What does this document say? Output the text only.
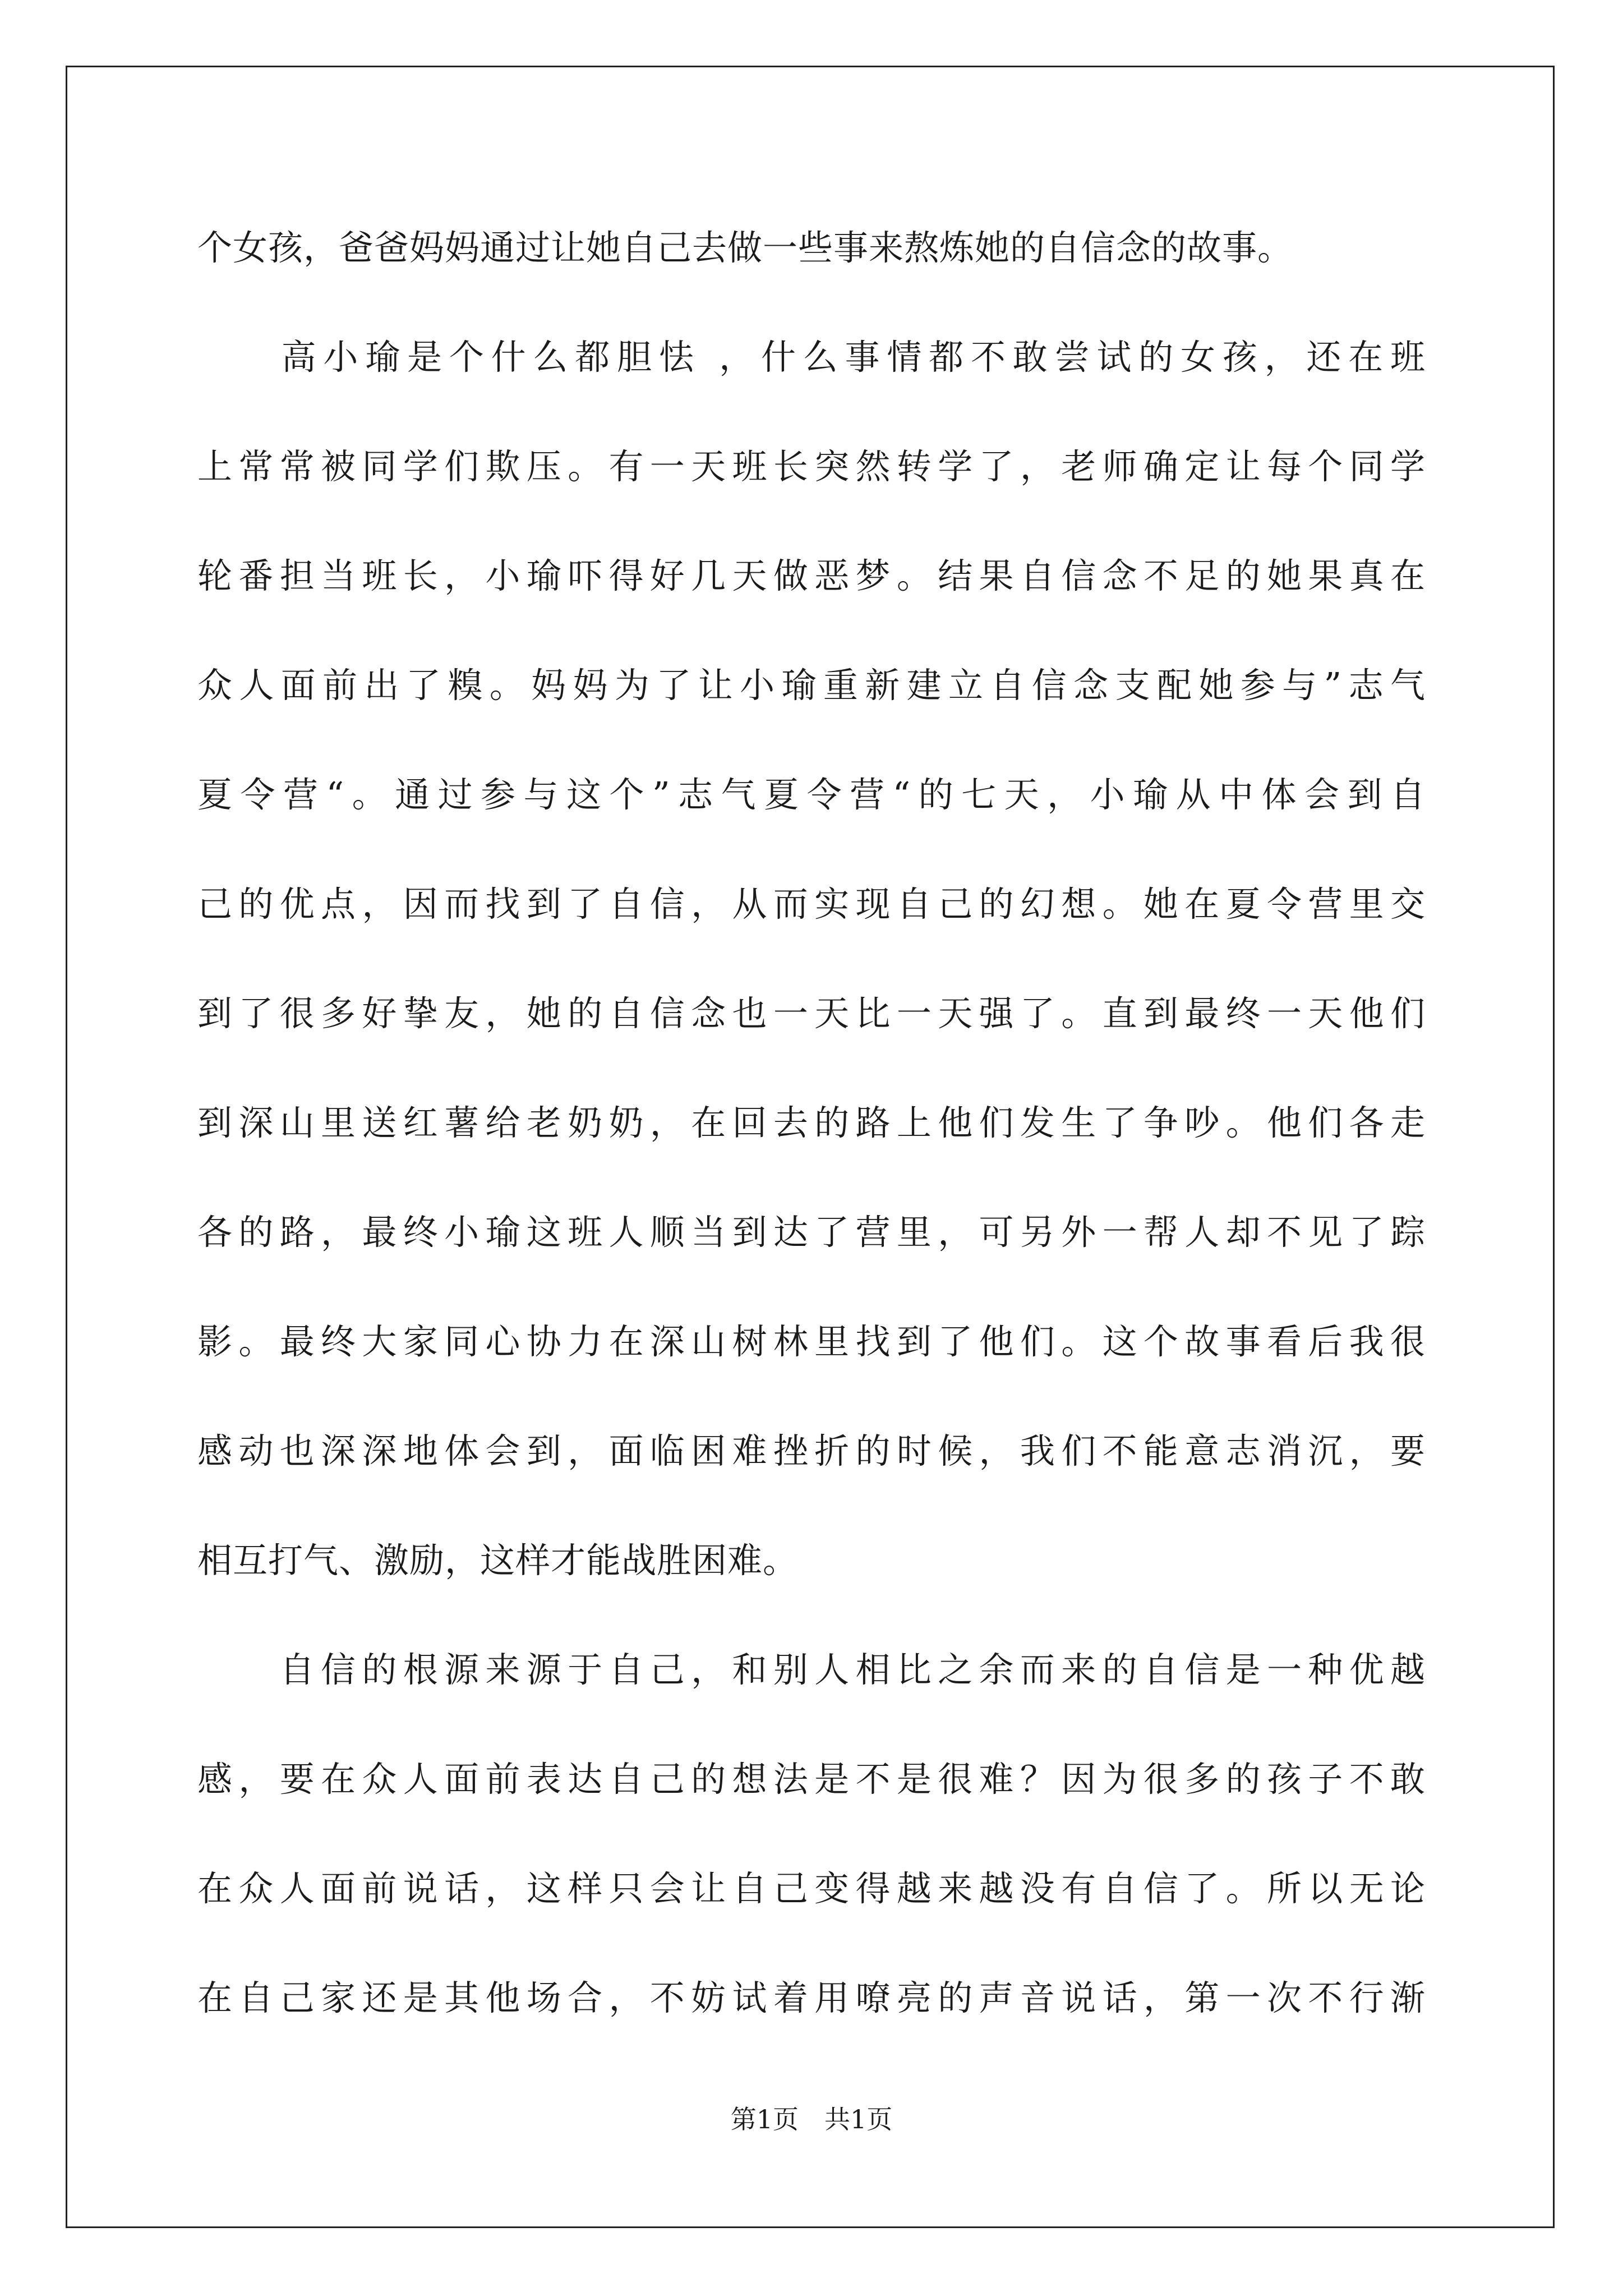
个女孩，爸爸妈妈通过让她自己去做一些事来熬炼她的自信念的故事。
　　高小瑜是个什么都胆怯 ，什么事情都不敢尝试的女孩，还在班
上常常被同学们欺压。有一天班长突然转学了，老师确定让每个同学
轮番担当班长，小瑜吓得好几天做恶梦。结果自信念不足的她果真在
众人面前出了糗。妈妈为了让小瑜重新建立自信念支配她参与”志气
夏令营“。通过参与这个”志气夏令营“的七天，小瑜从中体会到自
己的优点，因而找到了自信，从而实现自己的幻想。她在夏令营里交
到了很多好挚友，她的自信念也一天比一天强了。直到最终一天他们
到深山里送红薯给老奶奶，在回去的路上他们发生了争吵。他们各走
各的路，最终小瑜这班人顺当到达了营里，可另外一帮人却不见了踪
影。最终大家同心协力在深山树林里找到了他们。这个故事看后我很
感动也深深地体会到，面临困难挫折的时候，我们不能意志消沉，要
相互打气、激励，这样才能战胜困难。
　　自信的根源来源于自己，和别人相比之余而来的自信是一种优越
感，要在众人面前表达自己的想法是不是很难？因为很多的孩子不敢
在众人面前说话，这样只会让自己变得越来越没有自信了。所以无论
在自己家还是其他场合，不妨试着用嘹亮的声音说话，第一次不行渐
第1页　共1页
